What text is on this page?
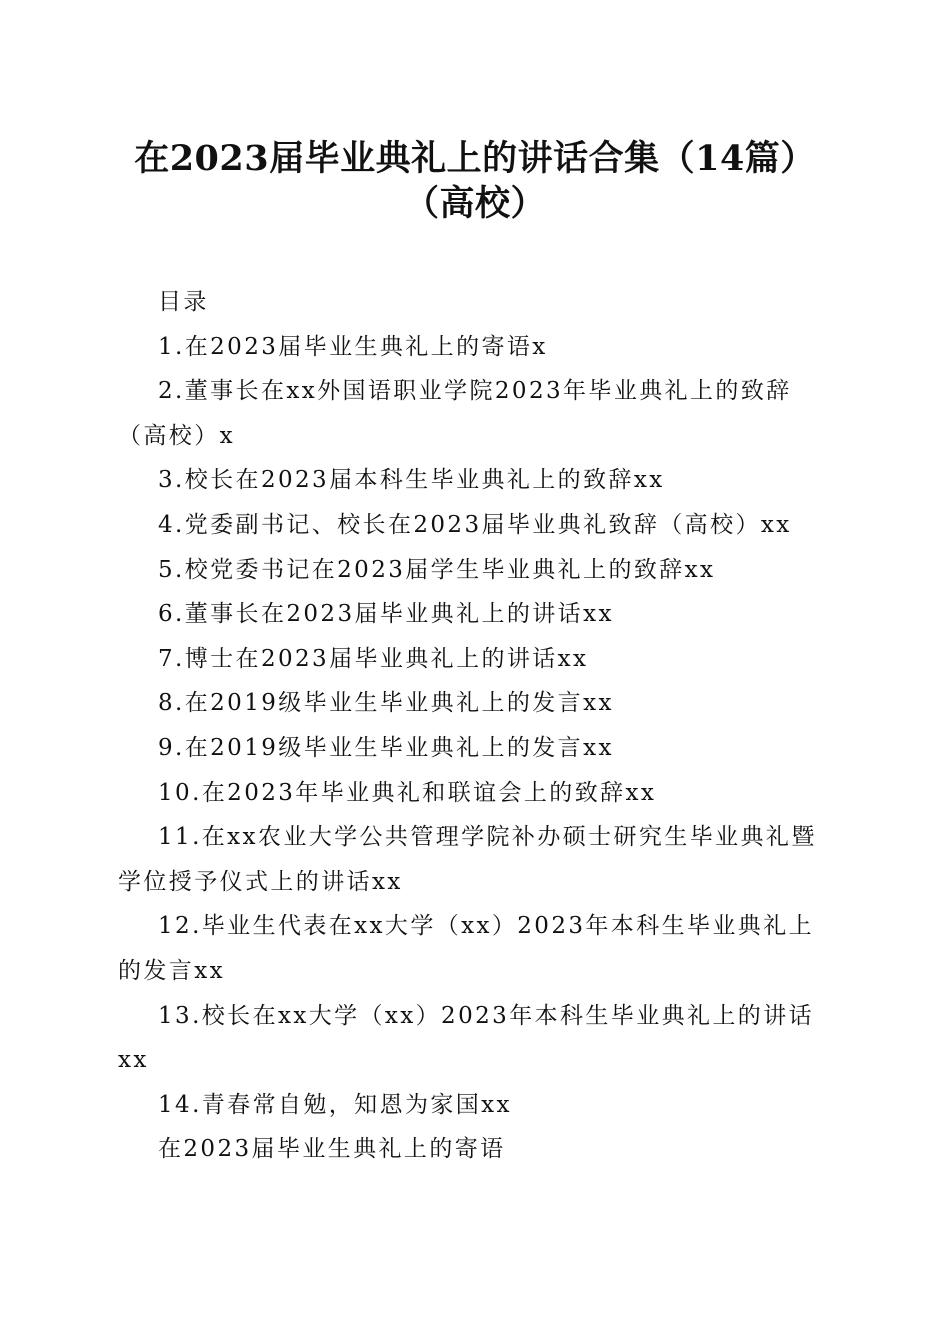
在2023届毕业典礼上的讲话合集（14篇）
（高校）

目录

1.在2023届毕业生典礼上的寄语x

2.董事长在xx外国语职业学院2023年毕业典礼上的致辞（高校）x

3.校长在2023届本科生毕业典礼上的致辞xx

4.党委副书记、校长在2023届毕业典礼致辞（高校）xx

5.校党委书记在2023届学生毕业典礼上的致辞xx

6.董事长在2023届毕业典礼上的讲话xx

7.博士在2023届毕业典礼上的讲话xx

8.在2019级毕业生毕业典礼上的发言xx

9.在2019级毕业生毕业典礼上的发言xx

10.在2023年毕业典礼和联谊会上的致辞xx

11.在xx农业大学公共管理学院补办硕士研究生毕业典礼暨学位授予仪式上的讲话xx

12.毕业生代表在xx大学（xx）2023年本科生毕业典礼上的发言xx

13.校长在xx大学（xx）2023年本科生毕业典礼上的讲话xx

14.青春常自勉，知恩为家国xx

在2023届毕业生典礼上的寄语
